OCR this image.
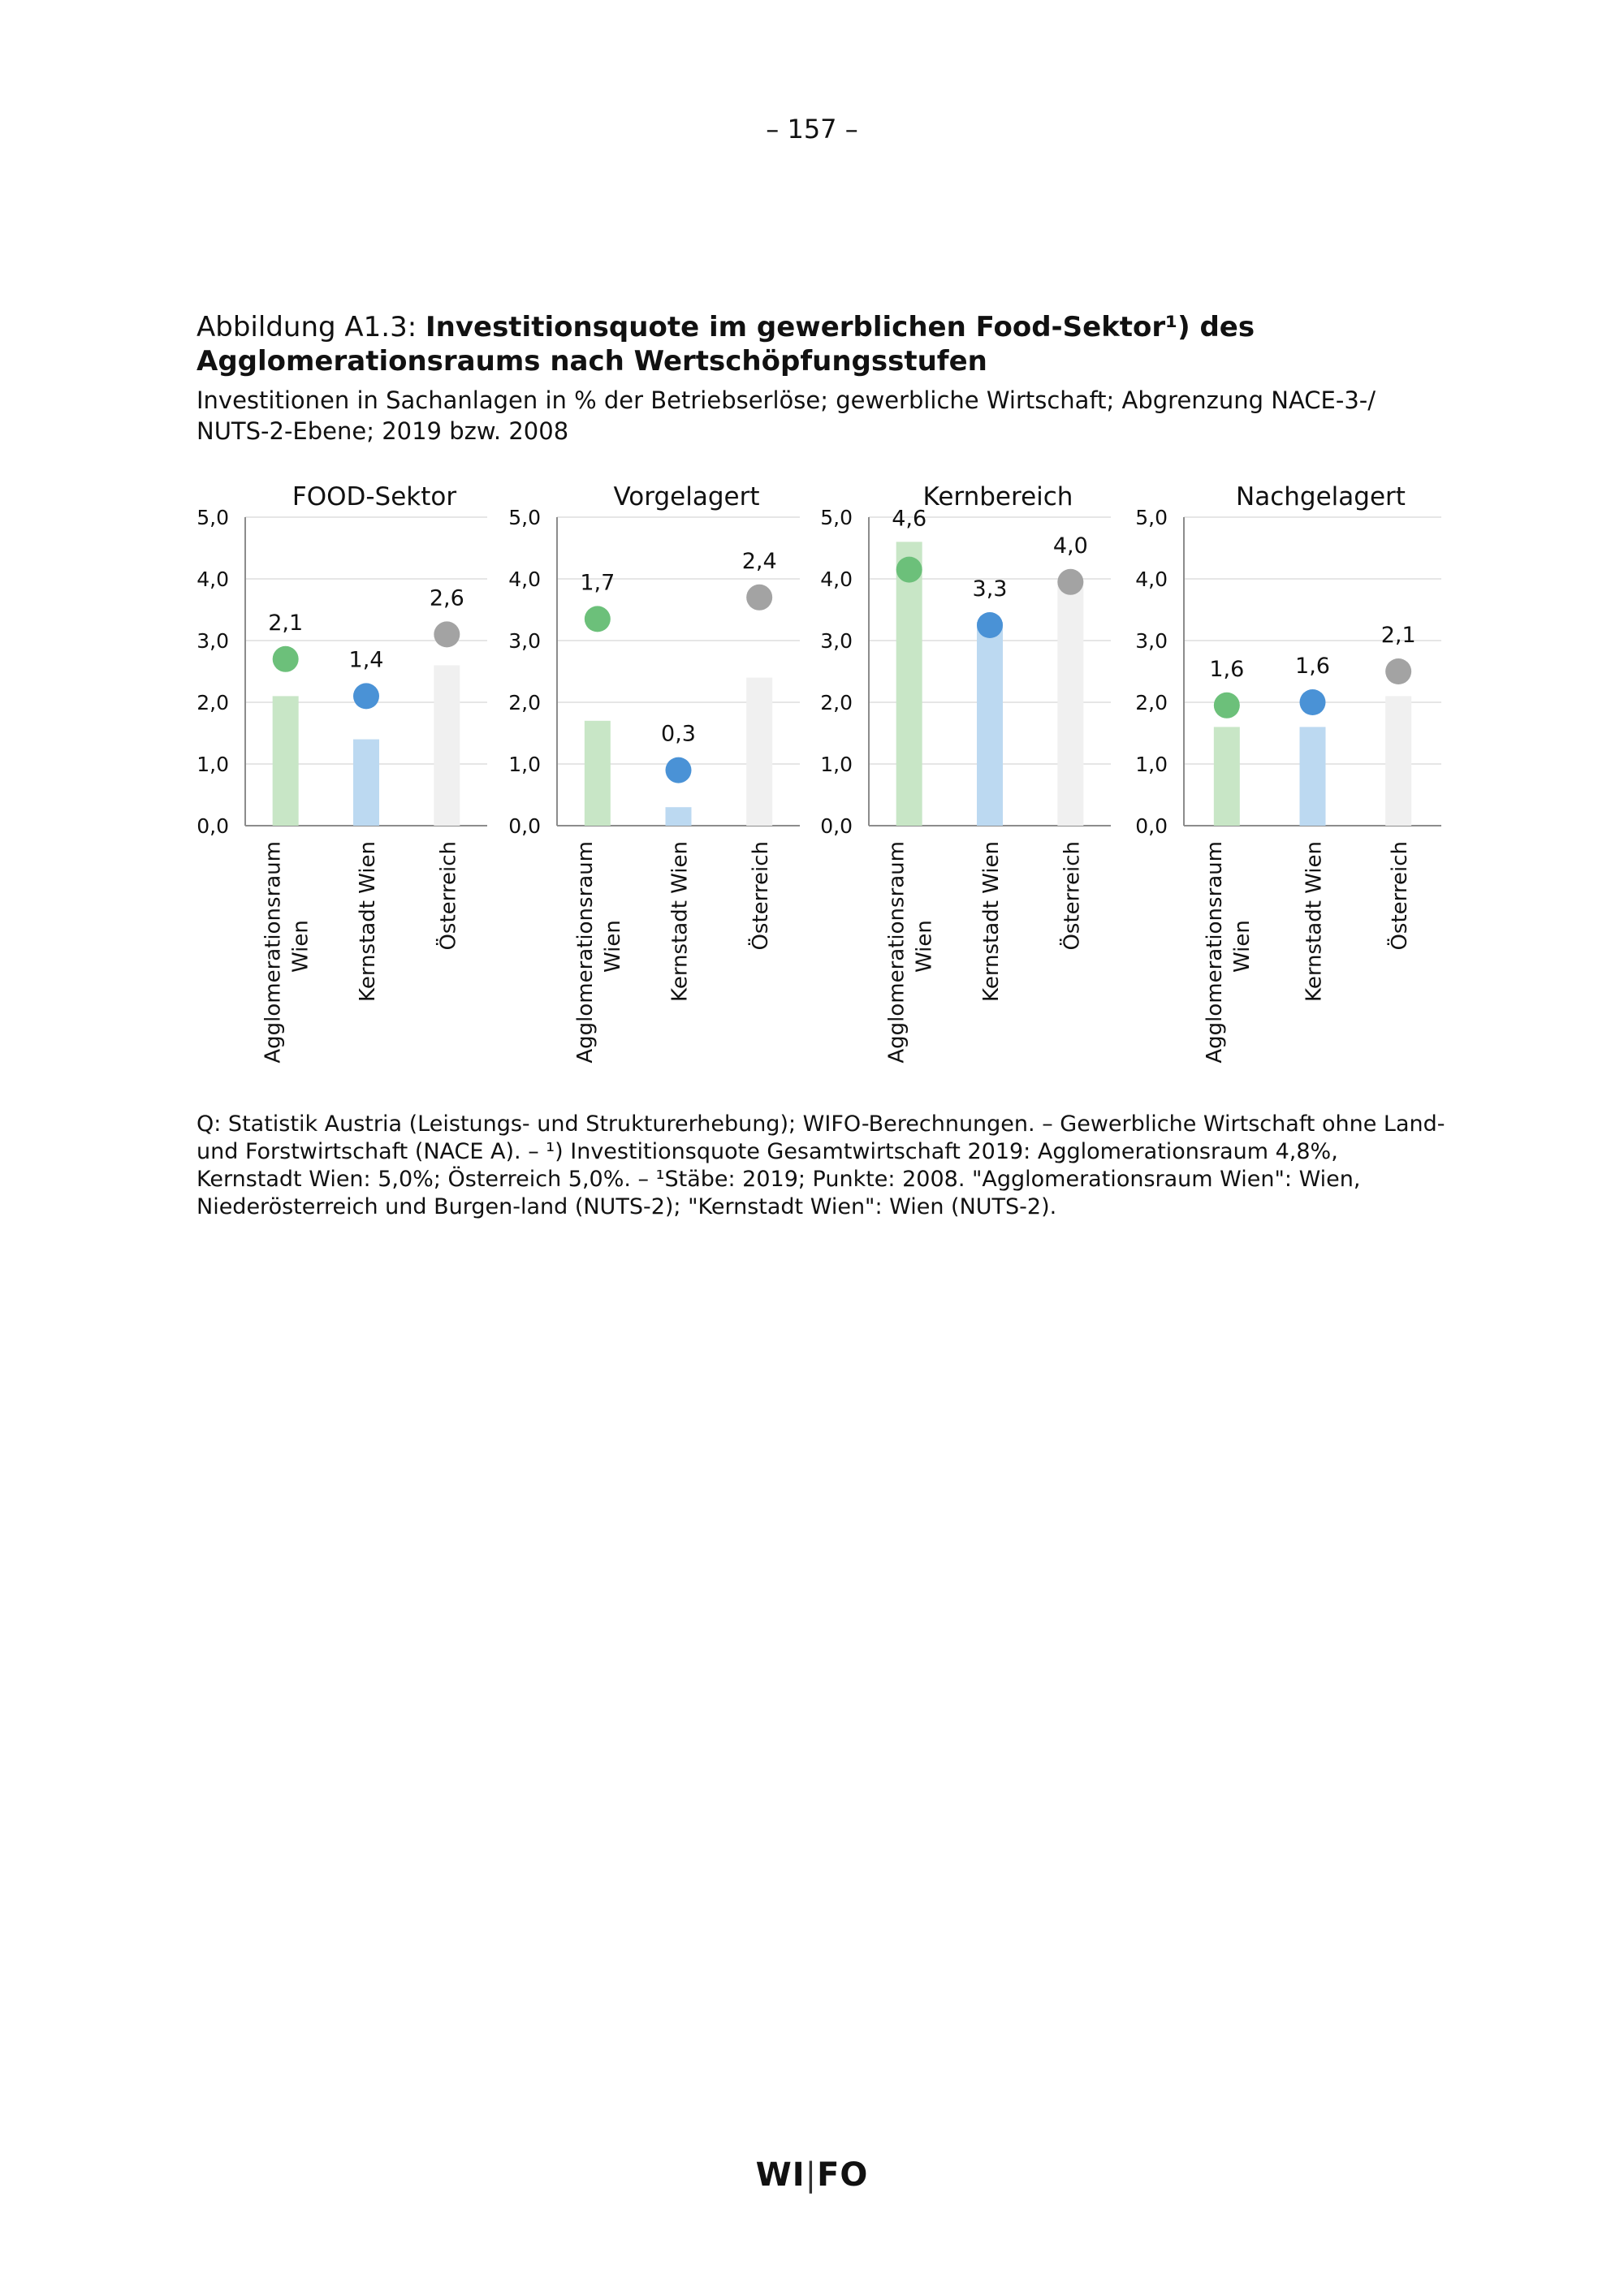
– 157 –
Abbildung A1.3: Investitionsquote im gewerblichen Food-Sektor¹) des Agglomerationsraums nach Wertschöpfungsstufen
Investitionen in Sachanlagen in % der Betriebserlöse; gewerbliche Wirtschaft; Abgrenzung NACE-3-/ NUTS-2-Ebene; 2019 bzw. 2008
FOOD-Sektor
0,0
1,0
2,0
3,0
4,0
5,0
2,1
Agglomerationsraum Wien
1,4
Kernstadt Wien
2,6
Österreich
Vorgelagert
0,0
1,0
2,0
3,0
4,0
5,0
1,7
Agglomerationsraum Wien
0,3
Kernstadt Wien
2,4
Österreich
Kernbereich
0,0
1,0
2,0
3,0
4,0
5,0 4,6
Agglomerationsraum Wien
3,3
Kernstadt Wien
4,0
Österreich
Nachgelagert
0,0
1,0
2,0
3,0
4,0
5,0
1,6
Agglomerationsraum Wien
1,6
Kernstadt Wien
2,1
Österreich
Q: Statistik Austria (Leistungs- und Strukturerhebung); WIFO-Berechnungen. – Gewerbliche Wirtschaft ohne Land- und Forstwirtschaft (NACE A). – ¹) Investitionsquote Gesamtwirtschaft 2019: Agglomerationsraum 4,8%, Kernstadt Wien: 5,0%; Österreich 5,0%. – ¹Stäbe: 2019; Punkte: 2008. "Agglomerationsraum Wien": Wien, Niederösterreich und Burgen-land (NUTS-2); "Kernstadt Wien": Wien (NUTS-2).
WI|FO
